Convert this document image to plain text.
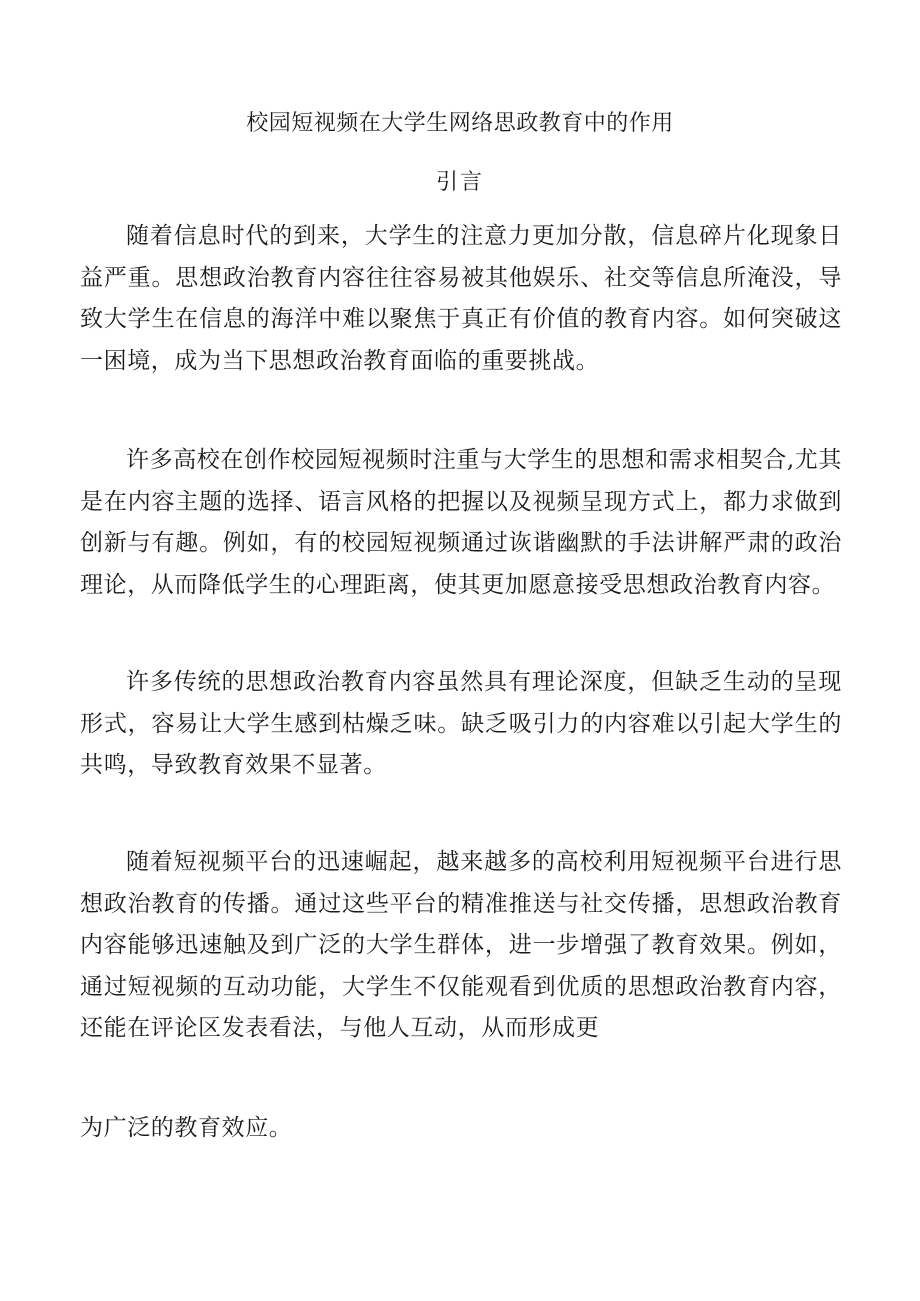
校园短视频在大学生网络思政教育中的作用
引言

随着信息时代的到来，大学生的注意力更加分散，信息碎片化现象日益严重。思想政治教育内容往往容易被其他娱乐、社交等信息所淹没，导致大学生在信息的海洋中难以聚焦于真正有价值的教育内容。如何突破这一困境，成为当下思想政治教育面临的重要挑战。

许多高校在创作校园短视频时注重与大学生的思想和需求相契合,尤其是在内容主题的选择、语言风格的把握以及视频呈现方式上，都力求做到创新与有趣。例如，有的校园短视频通过诙谐幽默的手法讲解严肃的政治理论，从而降低学生的心理距离，使其更加愿意接受思想政治教育内容。

许多传统的思想政治教育内容虽然具有理论深度，但缺乏生动的呈现形式，容易让大学生感到枯燥乏味。缺乏吸引力的内容难以引起大学生的共鸣，导致教育效果不显著。

随着短视频平台的迅速崛起，越来越多的高校利用短视频平台进行思想政治教育的传播。通过这些平台的精准推送与社交传播，思想政治教育内容能够迅速触及到广泛的大学生群体，进一步增强了教育效果。例如，通过短视频的互动功能，大学生不仅能观看到优质的思想政治教育内容，还能在评论区发表看法，与他人互动，从而形成更

为广泛的教育效应。
